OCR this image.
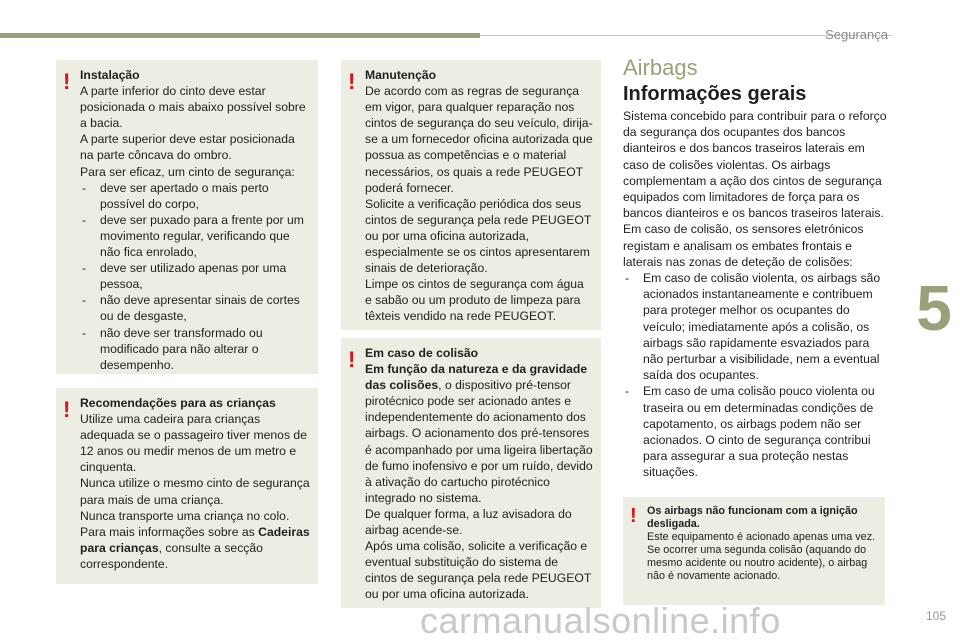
Segurança
5
! Instalação

A parte inferior do cinto deve estar posicionada o mais abaixo possível sobre a bacia.

A parte superior deve estar posicionada na parte côncava do ombro.

Para ser eficaz, um cinto de segurança:

- deve ser apertado o mais perto possível do corpo,
- deve ser puxado para a frente por um movimento regular, verificando que não fica enrolado,
- deve ser utilizado apenas por uma pessoa,
- não deve apresentar sinais de cortes ou de desgaste,
- não deve ser transformado ou modificado para não alterar o desempenho.
! Recomendações para as crianças

Utilize uma cadeira para crianças adequada se o passageiro tiver menos de 12 anos ou medir menos de um metro e cinquenta.

Nunca utilize o mesmo cinto de segurança para mais de uma criança.

Nunca transporte uma criança no colo.

Para mais informações sobre as Cadeiras para crianças, consulte a secção correspondente.

! Manutenção

De acordo com as regras de segurança em vigor, para qualquer reparação nos cintos de segurança do seu veículo, dirija-se a um fornecedor oficina autorizada que possua as competências e o material necessários, os quais a rede PEUGEOT poderá fornecer.

Solicite a verificação periódica dos seus cintos de segurança pela rede PEUGEOT ou por uma oficina autorizada, especialmente se os cintos apresentarem sinais de deterioração.

Limpe os cintos de segurança com água e sabão ou um produto de limpeza para têxteis vendido na rede PEUGEOT.

! Em caso de colisão

Em função da natureza e da gravidade das colisões, o dispositivo pré-tensor pirotécnico pode ser acionado antes e independentemente do acionamento dos airbags. O acionamento dos pré-tensores é acompanhado por uma ligeira libertação de fumo inofensivo e por um ruído, devido à ativação do cartucho pirotécnico integrado no sistema.

De qualquer forma, a luz avisadora do airbag acende-se.

Após uma colisão, solicite a verificação e eventual substituição do sistema de cintos de segurança pela rede PEUGEOT ou por uma oficina autorizada.

Airbags
Informações gerais

Sistema concebido para contribuir para o reforço da segurança dos ocupantes dos bancos dianteiros e dos bancos traseiros laterais em caso de colisões violentas. Os airbags complementam a ação dos cintos de segurança equipados com limitadores de força para os bancos dianteiros e os bancos traseiros laterais.

Em caso de colisão, os sensores eletrónicos registam e analisam os embates frontais e laterais nas zonas de deteção de colisões:

- Em caso de colisão violenta, os airbags são acionados instantaneamente e contribuem para proteger melhor os ocupantes do veículo; imediatamente após a colisão, os airbags são rapidamente esvaziados para não perturbar a visibilidade, nem a eventual saída dos ocupantes.
- Em caso de uma colisão pouco violenta ou traseira ou em determinadas condições de capotamento, os airbags podem não ser acionados. O cinto de segurança contribui para assegurar a sua proteção nestas situações.
! Os airbags não funcionam com a ignição desligada.

Este equipamento é acionado apenas uma vez. Se ocorrer uma segunda colisão (aquando do mesmo acidente ou noutro acidente), o airbag não é novamente acionado.

carmanualsonline.info	105
